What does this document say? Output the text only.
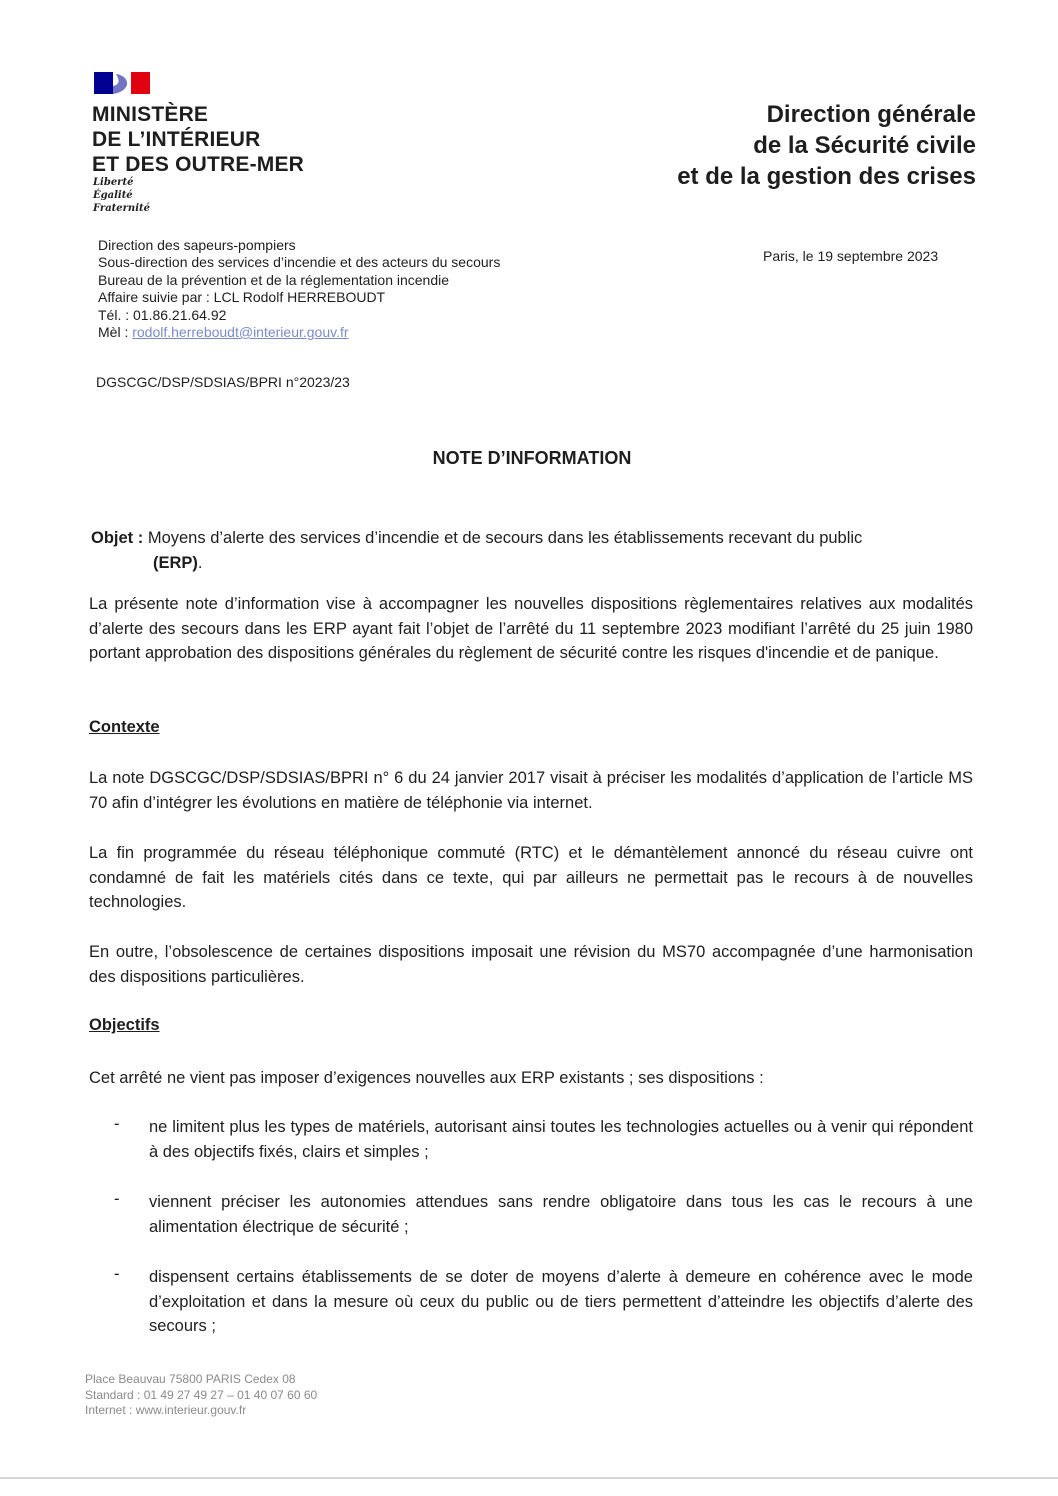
MINISTÈRE
DE L’INTÉRIEUR
ET DES OUTRE-MER
Liberté
Égalité
Fraternité
Direction générale
de la Sécurité civile
et de la gestion des crises
Direction des sapeurs-pompiers
Sous-direction des services d’incendie et des acteurs du secours
Bureau de la prévention et de la réglementation incendie
Affaire suivie par : LCL Rodolf HERREBOUDT
Tél. : 01.86.21.64.92
Mèl : rodolf.herreboudt@interieur.gouv.fr
Paris, le 19 septembre 2023
DGSCGC/DSP/SDSIAS/BPRI n°2023/23
NOTE D’INFORMATION
Objet : Moyens d’alerte des services d’incendie et de secours dans les établissements recevant du public
(ERP).
La présente note d’information vise à accompagner les nouvelles dispositions règlementaires relatives aux modalités d’alerte des secours dans les ERP ayant fait l’objet de l’arrêté du 11 septembre 2023 modifiant l’arrêté du 25 juin 1980 portant approbation des dispositions générales du règlement de sécurité contre les risques d'incendie et de panique.
Contexte
La note DGSCGC/DSP/SDSIAS/BPRI n° 6 du 24 janvier 2017 visait à préciser les modalités d’application de l’article MS 70 afin d’intégrer les évolutions en matière de téléphonie via internet.
La fin programmée du réseau téléphonique commuté (RTC) et le démantèlement annoncé du réseau cuivre ont condamné de fait les matériels cités dans ce texte, qui par ailleurs ne permettait pas le recours à de nouvelles technologies.
En outre, l’obsolescence de certaines dispositions imposait une révision du MS70 accompagnée d’une harmonisation des dispositions particulières.
Objectifs
Cet arrêté ne vient pas imposer d’exigences nouvelles aux ERP existants ; ses dispositions :
- ne limitent plus les types de matériels, autorisant ainsi toutes les technologies actuelles ou à venir qui répondent à des objectifs fixés, clairs et simples ;
- viennent préciser les autonomies attendues sans rendre obligatoire dans tous les cas le recours à une alimentation électrique de sécurité ;
- dispensent certains établissements de se doter de moyens d’alerte à demeure en cohérence avec le mode d’exploitation et dans la mesure où ceux du public ou de tiers permettent d’atteindre les objectifs d’alerte des secours ;
Place Beauvau 75800 PARIS Cedex 08
Standard : 01 49 27 49 27 – 01 40 07 60 60
Internet : www.interieur.gouv.fr
